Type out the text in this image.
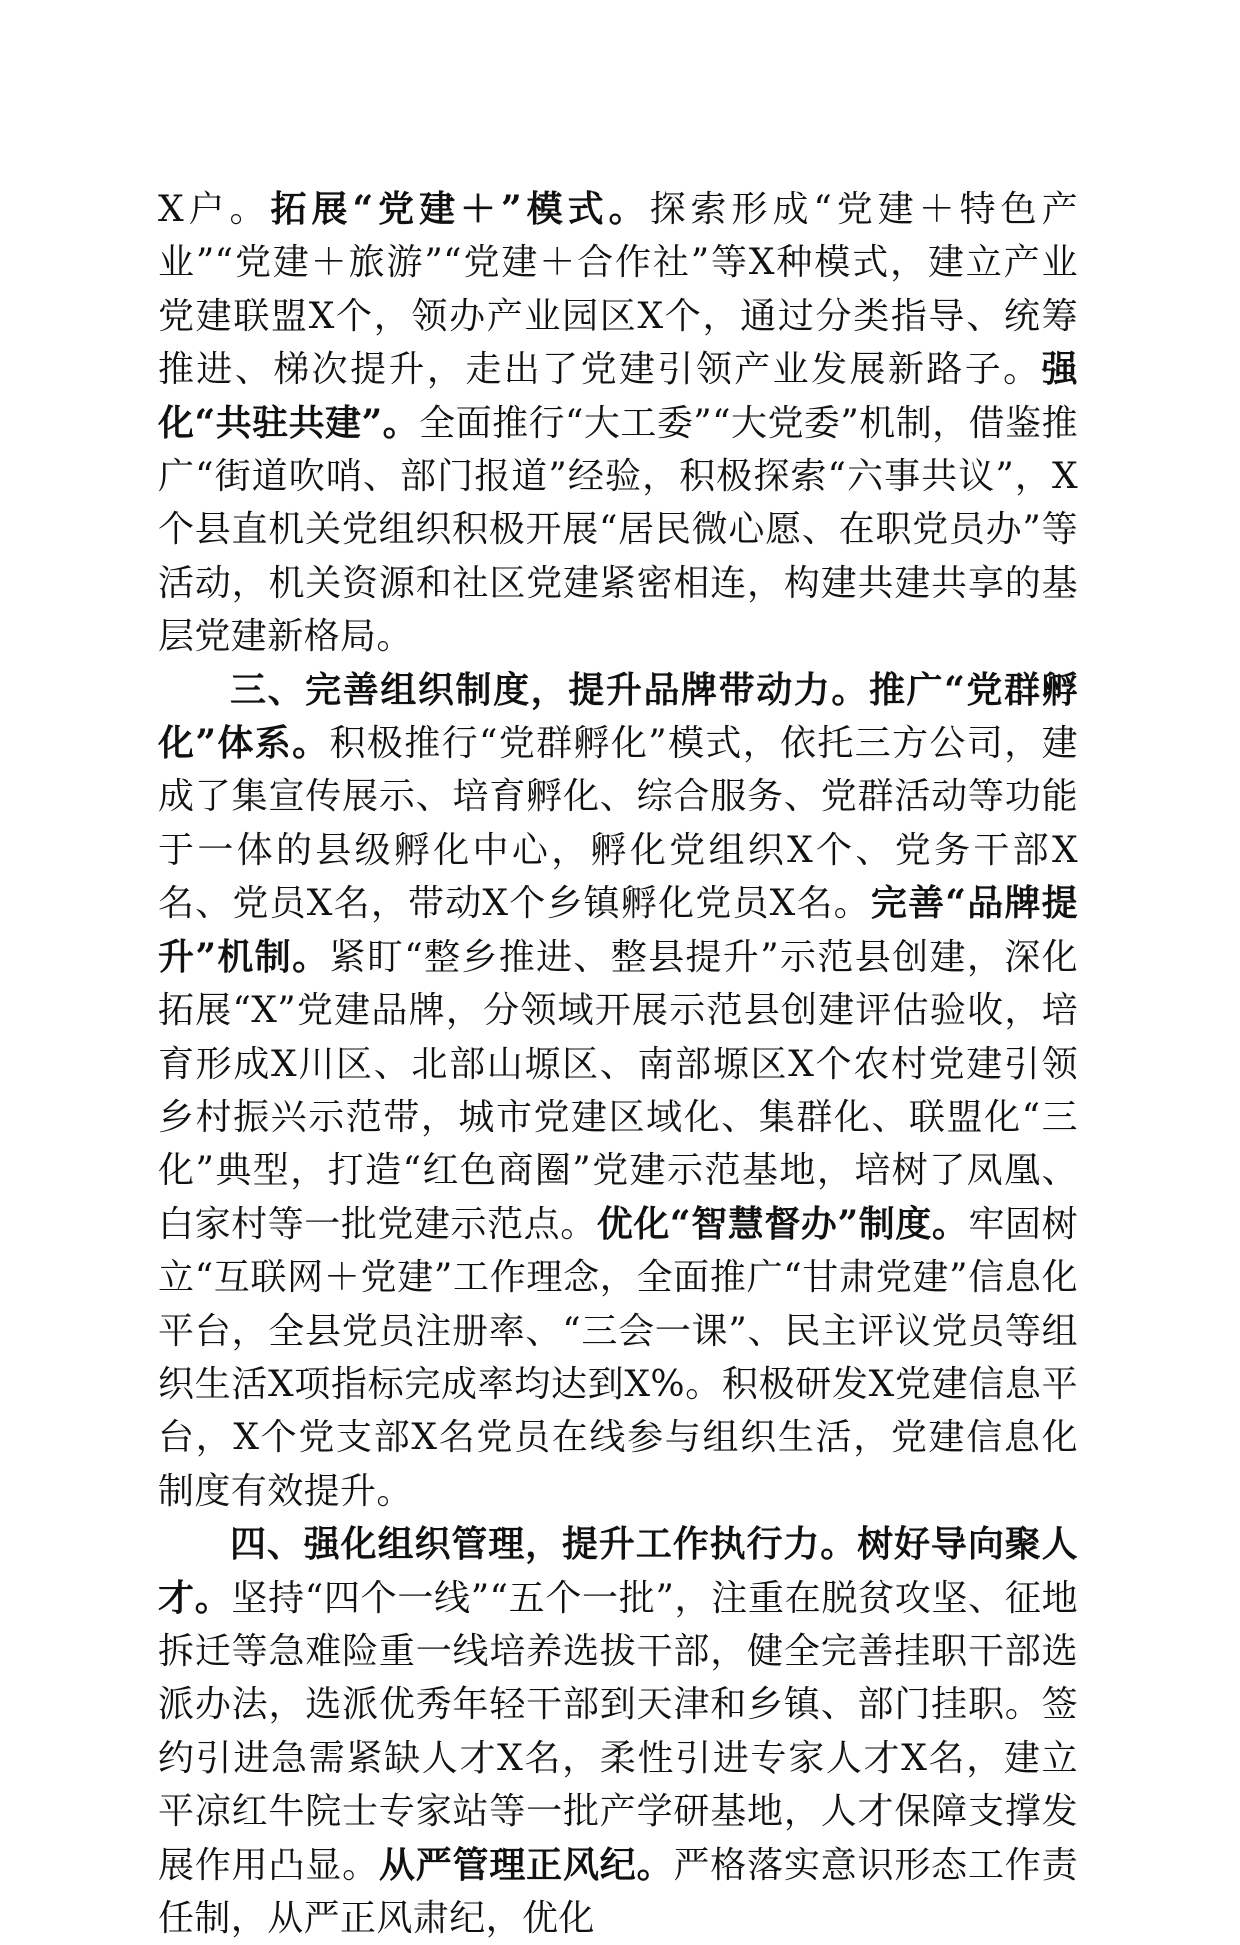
X户。拓展“党建＋”模式。探索形成“党建＋特色产业”“党建＋旅游”“党建＋合作社”等X种模式，建立产业党建联盟X个，领办产业园区X个，通过分类指导、统筹推进、梯次提升，走出了党建引领产业发展新路子。强化“共驻共建”。全面推行“大工委”“大党委”机制，借鉴推广“街道吹哨、部门报道”经验，积极探索“六事共议”，X个县直机关党组织积极开展“居民微心愿、在职党员办”等活动，机关资源和社区党建紧密相连，构建共建共享的基层党建新格局。

三、完善组织制度，提升品牌带动力。推广“党群孵化”体系。积极推行“党群孵化”模式，依托三方公司，建成了集宣传展示、培育孵化、综合服务、党群活动等功能于一体的县级孵化中心，孵化党组织X个、党务干部X名、党员X名，带动X个乡镇孵化党员X名。完善“品牌提升”机制。紧盯“整乡推进、整县提升”示范县创建，深化拓展“X”党建品牌，分领域开展示范县创建评估验收，培育形成X川区、北部山塬区、南部塬区X个农村党建引领乡村振兴示范带，城市党建区域化、集群化、联盟化“三化”典型，打造“红色商圈”党建示范基地，培树了凤凰、白家村等一批党建示范点。优化“智慧督办”制度。牢固树立“互联网＋党建”工作理念，全面推广“甘肃党建”信息化平台，全县党员注册率、“三会一课”、民主评议党员等组织生活X项指标完成率均达到X%。积极研发X党建信息平台，X个党支部X名党员在线参与组织生活，党建信息化制度有效提升。

四、强化组织管理，提升工作执行力。树好导向聚人才。坚持“四个一线”“五个一批”，注重在脱贫攻坚、征地拆迁等急难险重一线培养选拔干部，健全完善挂职干部选派办法，选派优秀年轻干部到天津和乡镇、部门挂职。签约引进急需紧缺人才X名，柔性引进专家人才X名，建立平凉红牛院士专家站等一批产学研基地，人才保障支撑发展作用凸显。从严管理正风纪。严格落实意识形态工作责任制，从严正风肃纪，优化
